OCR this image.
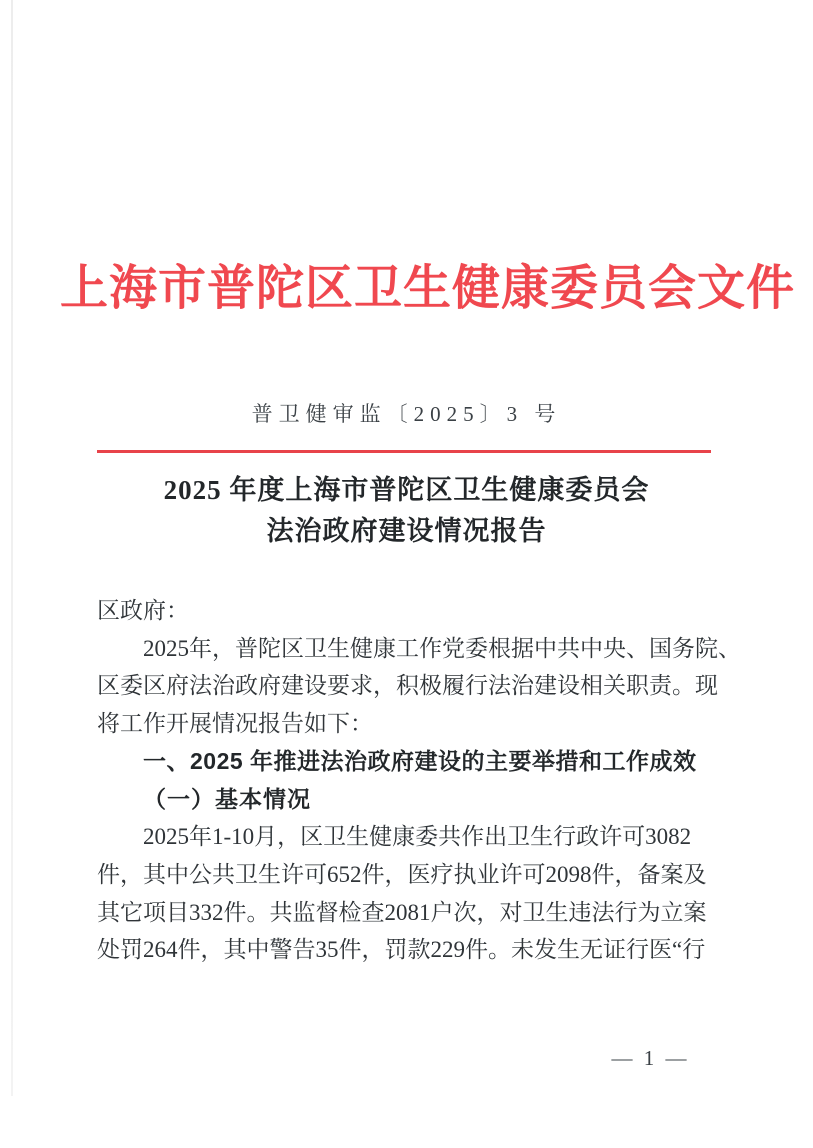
上海市普陀区卫生健康委员会文件
普卫健审监〔2025〕3 号
2025 年度上海市普陀区卫生健康委员会
法治政府建设情况报告
区政府：
2025年，普陀区卫生健康工作党委根据中共中央、国务院、
区委区府法治政府建设要求，积极履行法治建设相关职责。现
将工作开展情况报告如下：
一、2025 年推进法治政府建设的主要举措和工作成效
（一）基本情况
2025年1-10月，区卫生健康委共作出卫生行政许可3082
件，其中公共卫生许可652件，医疗执业许可2098件，备案及
其它项目332件。共监督检查2081户次，对卫生违法行为立案
处罚264件，其中警告35件，罚款229件。未发生无证行医“行
— 1 —
